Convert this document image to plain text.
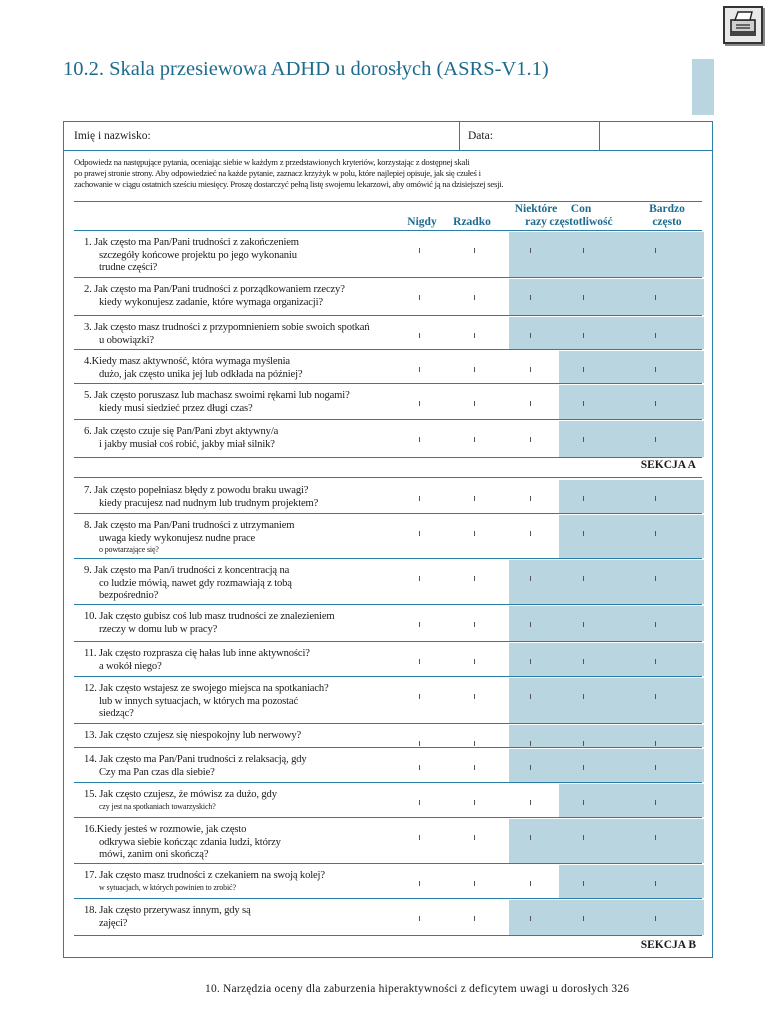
10.2. Skala przesiewowa ADHD u dorosłych (ASRS-V1.1)
Imię i nazwisko:	Data:
Odpowiedz na następujące pytania, oceniając siebie w każdym z przedstawionych kryteriów, korzystając z dostępnej skali
po prawej stronie strony. Aby odpowiedzieć na każde pytanie, zaznacz krzyżyk w polu, które najlepiej opisuje, jak się czułeś i
zachowanie w ciągu ostatnich sześciu miesięcy. Proszę dostarczyć pełną listę swojemu lekarzowi, aby omówić ją na dzisiejszej sesji.
Nigdy	Rzadko
Niektóre
razy
Con
częstotliwość
Bardzo
często
1. Jak często ma Pan/Pani trudności z zakończeniem
szczegóły końcowe projektu po jego wykonaniu
trudne części?
2. Jak często ma Pan/Pani trudności z porządkowaniem rzeczy?
kiedy wykonujesz zadanie, które wymaga organizacji?
3. Jak często masz trudności z przypomnieniem sobie swoich spotkań
u obowiązki?
4.Kiedy masz aktywność, która wymaga myślenia
dużo, jak często unika jej lub odkłada na później?
5. Jak często poruszasz lub machasz swoimi rękami lub nogami?
kiedy musi siedzieć przez długi czas?
6. Jak często czuje się Pan/Pani zbyt aktywny/a
i jakby musiał coś robić, jakby miał silnik?
7. Jak często popełniasz błędy z powodu braku uwagi?
kiedy pracujesz nad nudnym lub trudnym projektem?
8. Jak często ma Pan/Pani trudności z utrzymaniem
uwaga kiedy wykonujesz nudne prace
o powtarzające się?
9. Jak często ma Pan/i trudności z koncentracją na
co ludzie mówią, nawet gdy rozmawiają z tobą
bezpośrednio?
10. Jak często gubisz coś lub masz trudności ze znalezieniem
rzeczy w domu lub w pracy?
11. Jak często rozprasza cię hałas lub inne aktywności?
a wokół niego?
12. Jak często wstajesz ze swojego miejsca na spotkaniach?
lub w innych sytuacjach, w których ma pozostać
siedząc?
13. Jak często czujesz się niespokojny lub nerwowy?
14. Jak często ma Pan/Pani trudności z relaksacją, gdy
Czy ma Pan czas dla siebie?
15. Jak często czujesz, że mówisz za dużo, gdy
czy jest na spotkaniach towarzyskich?
16.Kiedy jesteś w rozmowie, jak często
odkrywa siebie kończąc zdania ludzi, którzy
mówi, zanim oni skończą?
17. Jak często masz trudności z czekaniem na swoją kolej?
w sytuacjach, w których powinien to zrobić?
18. Jak często przerywasz innym, gdy są
zajęci?
SEKCJA A
SEKCJA B
10. Narzędzia oceny dla zaburzenia hiperaktywności z deficytem uwagi u dorosłych 326
